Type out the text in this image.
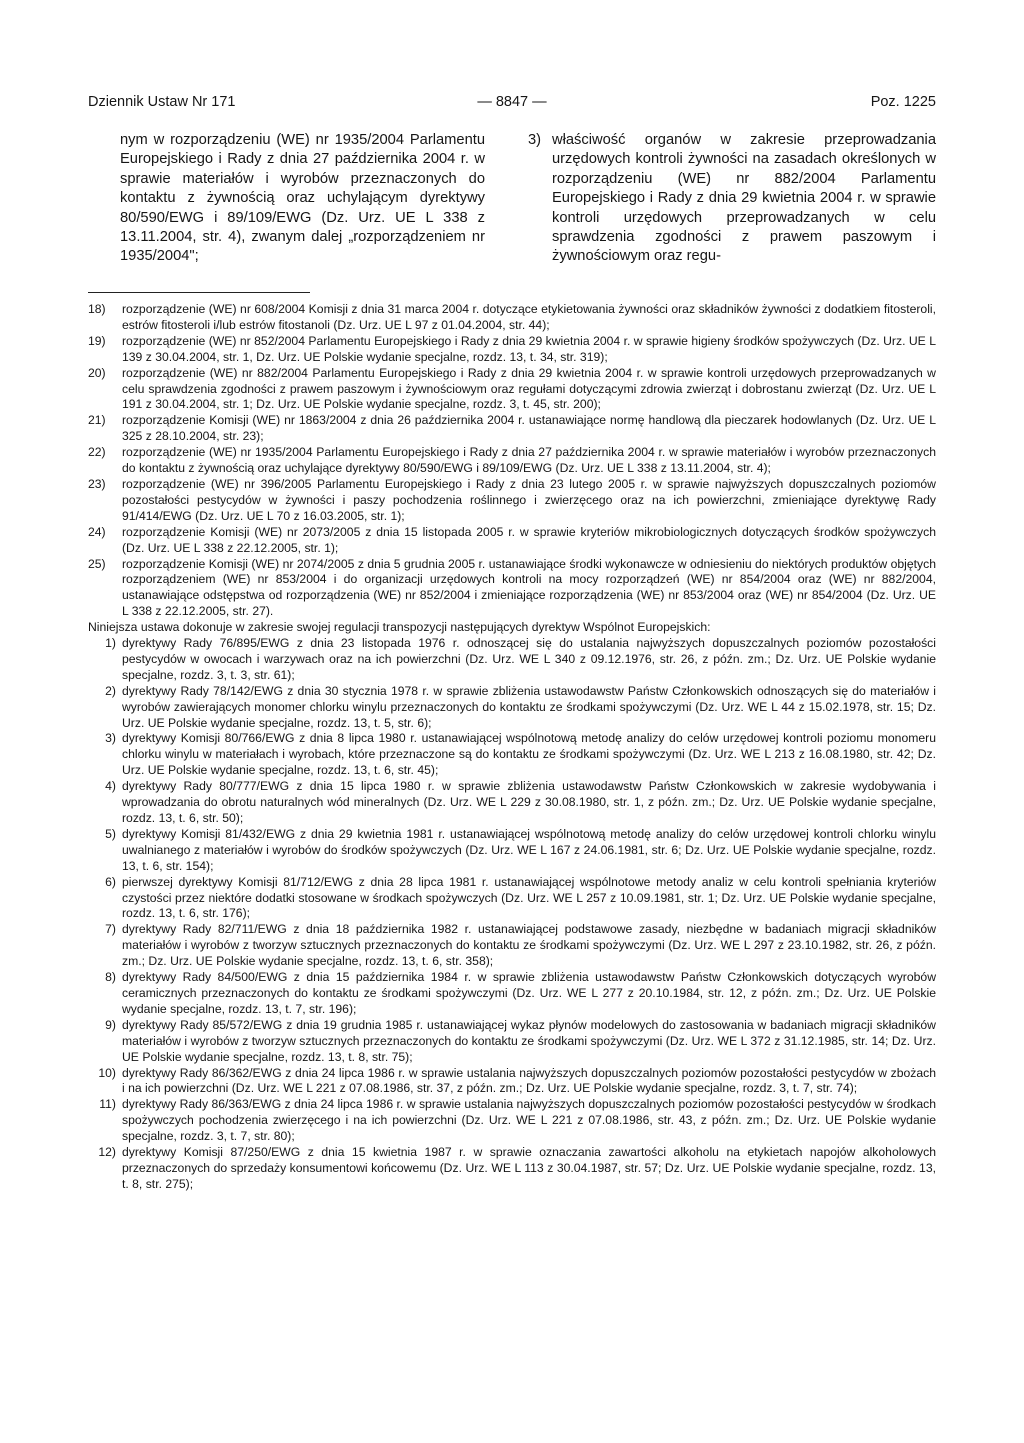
Dziennik Ustaw Nr 171	— 8847 —	Poz. 1225
nym w rozporządzeniu (WE) nr 1935/2004 Parlamentu Europejskiego i Rady z dnia 27 października 2004 r. w sprawie materiałów i wyrobów przeznaczonych do kontaktu z żywnością oraz uchylającym dyrektywy 80/590/EWG i 89/109/EWG (Dz. Urz. UE L 338 z 13.11.2004, str. 4), zwanym dalej „rozporządzeniem nr 1935/2004";
3) właściwość organów w zakresie przeprowadzania urzędowych kontroli żywności na zasadach określonych w rozporządzeniu (WE) nr 882/2004 Parlamentu Europejskiego i Rady z dnia 29 kwietnia 2004 r. w sprawie kontroli urzędowych przeprowadzanych w celu sprawdzenia zgodności z prawem paszowym i żywnościowym oraz regu-
18) rozporządzenie (WE) nr 608/2004 Komisji z dnia 31 marca 2004 r. dotyczące etykietowania żywności oraz składników żywności z dodatkiem fitosteroli, estrów fitosteroli i/lub estrów fitostanoli (Dz. Urz. UE L 97 z 01.04.2004, str. 44);
19) rozporządzenie (WE) nr 852/2004 Parlamentu Europejskiego i Rady z dnia 29 kwietnia 2004 r. w sprawie higieny środków spożywczych (Dz. Urz. UE L 139 z 30.04.2004, str. 1, Dz. Urz. UE Polskie wydanie specjalne, rozdz. 13, t. 34, str. 319);
20) rozporządzenie (WE) nr 882/2004 Parlamentu Europejskiego i Rady z dnia 29 kwietnia 2004 r. w sprawie kontroli urzędowych przeprowadzanych w celu sprawdzenia zgodności z prawem paszowym i żywnościowym oraz regułami dotyczącymi zdrowia zwierząt i dobrostanu zwierząt (Dz. Urz. UE L 191 z 30.04.2004, str. 1; Dz. Urz. UE Polskie wydanie specjalne, rozdz. 3, t. 45, str. 200);
21) rozporządzenie Komisji (WE) nr 1863/2004 z dnia 26 października 2004 r. ustanawiające normę handlową dla pieczarek hodowlanych (Dz. Urz. UE L 325 z 28.10.2004, str. 23);
22) rozporządzenie (WE) nr 1935/2004 Parlamentu Europejskiego i Rady z dnia 27 października 2004 r. w sprawie materiałów i wyrobów przeznaczonych do kontaktu z żywnością oraz uchylające dyrektywy 80/590/EWG i 89/109/EWG (Dz. Urz. UE L 338 z 13.11.2004, str. 4);
23) rozporządzenie (WE) nr 396/2005 Parlamentu Europejskiego i Rady z dnia 23 lutego 2005 r. w sprawie najwyższych dopuszczalnych poziomów pozostałości pestycydów w żywności i paszy pochodzenia roślinnego i zwierzęcego oraz na ich powierzchni, zmieniające dyrektywę Rady 91/414/EWG (Dz. Urz. UE L 70 z 16.03.2005, str. 1);
24) rozporządzenie Komisji (WE) nr 2073/2005 z dnia 15 listopada 2005 r. w sprawie kryteriów mikrobiologicznych dotyczących środków spożywczych (Dz. Urz. UE L 338 z 22.12.2005, str. 1);
25) rozporządzenie Komisji (WE) nr 2074/2005 z dnia 5 grudnia 2005 r. ustanawiające środki wykonawcze w odniesieniu do niektórych produktów objętych rozporządzeniem (WE) nr 853/2004 i do organizacji urzędowych kontroli na mocy rozporządzeń (WE) nr 854/2004 oraz (WE) nr 882/2004, ustanawiające odstępstwa od rozporządzenia (WE) nr 852/2004 i zmieniające rozporządzenia (WE) nr 853/2004 oraz (WE) nr 854/2004 (Dz. Urz. UE L 338 z 22.12.2005, str. 27).
Niniejsza ustawa dokonuje w zakresie swojej regulacji transpozycji następujących dyrektyw Wspólnot Europejskich:
1) dyrektywy Rady 76/895/EWG z dnia 23 listopada 1976 r. odnoszącej się do ustalania najwyższych dopuszczalnych poziomów pozostałości pestycydów w owocach i warzywach oraz na ich powierzchni (Dz. Urz. WE L 340 z 09.12.1976, str. 26, z późn. zm.; Dz. Urz. UE Polskie wydanie specjalne, rozdz. 3, t. 3, str. 61);
2) dyrektywy Rady 78/142/EWG z dnia 30 stycznia 1978 r. w sprawie zbliżenia ustawodawstw Państw Członkowskich odnoszących się do materiałów i wyrobów zawierających monomer chlorku winylu przeznaczonych do kontaktu ze środkami spożywczymi (Dz. Urz. WE L 44 z 15.02.1978, str. 15; Dz. Urz. UE Polskie wydanie specjalne, rozdz. 13, t. 5, str. 6);
3) dyrektywy Komisji 80/766/EWG z dnia 8 lipca 1980 r. ustanawiającej wspólnotową metodę analizy do celów urzędowej kontroli poziomu monomeru chlorku winylu w materiałach i wyrobach, które przeznaczone są do kontaktu ze środkami spożywczymi (Dz. Urz. WE L 213 z 16.08.1980, str. 42; Dz. Urz. UE Polskie wydanie specjalne, rozdz. 13, t. 6, str. 45);
4) dyrektywy Rady 80/777/EWG z dnia 15 lipca 1980 r. w sprawie zbliżenia ustawodawstw Państw Członkowskich w zakresie wydobywania i wprowadzania do obrotu naturalnych wód mineralnych (Dz. Urz. WE L 229 z 30.08.1980, str. 1, z późn. zm.; Dz. Urz. UE Polskie wydanie specjalne, rozdz. 13, t. 6, str. 50);
5) dyrektywy Komisji 81/432/EWG z dnia 29 kwietnia 1981 r. ustanawiającej wspólnotową metodę analizy do celów urzędowej kontroli chlorku winylu uwalnianego z materiałów i wyrobów do środków spożywczych (Dz. Urz. WE L 167 z 24.06.1981, str. 6; Dz. Urz. UE Polskie wydanie specjalne, rozdz. 13, t. 6, str. 154);
6) pierwszej dyrektywy Komisji 81/712/EWG z dnia 28 lipca 1981 r. ustanawiającej wspólnotowe metody analiz w celu kontroli spełniania kryteriów czystości przez niektóre dodatki stosowane w środkach spożywczych (Dz. Urz. WE L 257 z 10.09.1981, str. 1; Dz. Urz. UE Polskie wydanie specjalne, rozdz. 13, t. 6, str. 176);
7) dyrektywy Rady 82/711/EWG z dnia 18 października 1982 r. ustanawiającej podstawowe zasady, niezbędne w badaniach migracji składników materiałów i wyrobów z tworzyw sztucznych przeznaczonych do kontaktu ze środkami spożywczymi (Dz. Urz. WE L 297 z 23.10.1982, str. 26, z późn. zm.; Dz. Urz. UE Polskie wydanie specjalne, rozdz. 13, t. 6, str. 358);
8) dyrektywy Rady 84/500/EWG z dnia 15 października 1984 r. w sprawie zbliżenia ustawodawstw Państw Członkowskich dotyczących wyrobów ceramicznych przeznaczonych do kontaktu ze środkami spożywczymi (Dz. Urz. WE L 277 z 20.10.1984, str. 12, z późn. zm.; Dz. Urz. UE Polskie wydanie specjalne, rozdz. 13, t. 7, str. 196);
9) dyrektywy Rady 85/572/EWG z dnia 19 grudnia 1985 r. ustanawiającej wykaz płynów modelowych do zastosowania w badaniach migracji składników materiałów i wyrobów z tworzyw sztucznych przeznaczonych do kontaktu ze środkami spożywczymi (Dz. Urz. WE L 372 z 31.12.1985, str. 14; Dz. Urz. UE Polskie wydanie specjalne, rozdz. 13, t. 8, str. 75);
10) dyrektywy Rady 86/362/EWG z dnia 24 lipca 1986 r. w sprawie ustalania najwyższych dopuszczalnych poziomów pozostałości pestycydów w zbożach i na ich powierzchni (Dz. Urz. WE L 221 z 07.08.1986, str. 37, z późn. zm.; Dz. Urz. UE Polskie wydanie specjalne, rozdz. 3, t. 7, str. 74);
11) dyrektywy Rady 86/363/EWG z dnia 24 lipca 1986 r. w sprawie ustalania najwyższych dopuszczalnych poziomów pozostałości pestycydów w środkach spożywczych pochodzenia zwierzęcego i na ich powierzchni (Dz. Urz. WE L 221 z 07.08.1986, str. 43, z późn. zm.; Dz. Urz. UE Polskie wydanie specjalne, rozdz. 3, t. 7, str. 80);
12) dyrektywy Komisji 87/250/EWG z dnia 15 kwietnia 1987 r. w sprawie oznaczania zawartości alkoholu na etykietach napojów alkoholowych przeznaczonych do sprzedaży konsumentowi końcowemu (Dz. Urz. WE L 113 z 30.04.1987, str. 57; Dz. Urz. UE Polskie wydanie specjalne, rozdz. 13, t. 8, str. 275);
